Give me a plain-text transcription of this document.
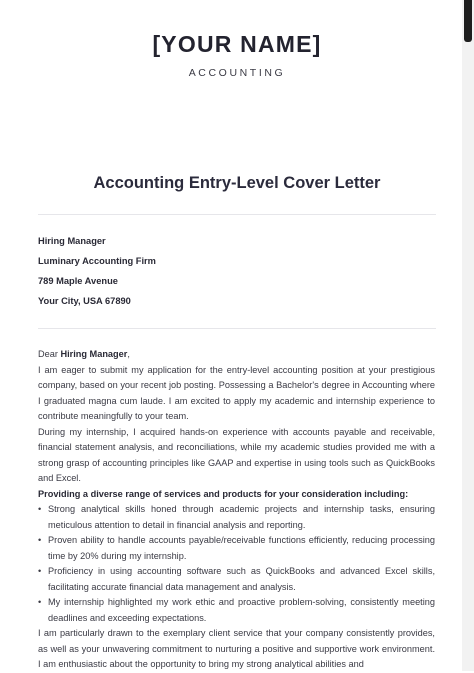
[YOUR NAME]
ACCOUNTING
Accounting Entry-Level Cover Letter
Hiring Manager
Luminary Accounting Firm
789 Maple Avenue
Your City, USA 67890

Dear Hiring Manager,

I am eager to submit my application for the entry-level accounting position at your prestigious company, based on your recent job posting. Possessing a Bachelor's degree in Accounting where I graduated magna cum laude. I am excited to apply my academic and internship experience to contribute meaningfully to your team.

During my internship, I acquired hands-on experience with accounts payable and receivable, financial statement analysis, and reconciliations, while my academic studies provided me with a strong grasp of accounting principles like GAAP and expertise in using tools such as QuickBooks and Excel.

Providing a diverse range of services and products for your consideration including:

• Strong analytical skills honed through academic projects and internship tasks, ensuring meticulous attention to detail in financial analysis and reporting.
• Proven ability to handle accounts payable/receivable functions efficiently, reducing processing time by 20% during my internship.
• Proficiency in using accounting software such as QuickBooks and advanced Excel skills, facilitating accurate financial data management and analysis.
• My internship highlighted my work ethic and proactive problem-solving, consistently meeting deadlines and exceeding expectations.

I am particularly drawn to the exemplary client service that your company consistently provides, as well as your unwavering commitment to nurturing a positive and supportive work environment. I am enthusiastic about the opportunity to bring my strong analytical abilities and
